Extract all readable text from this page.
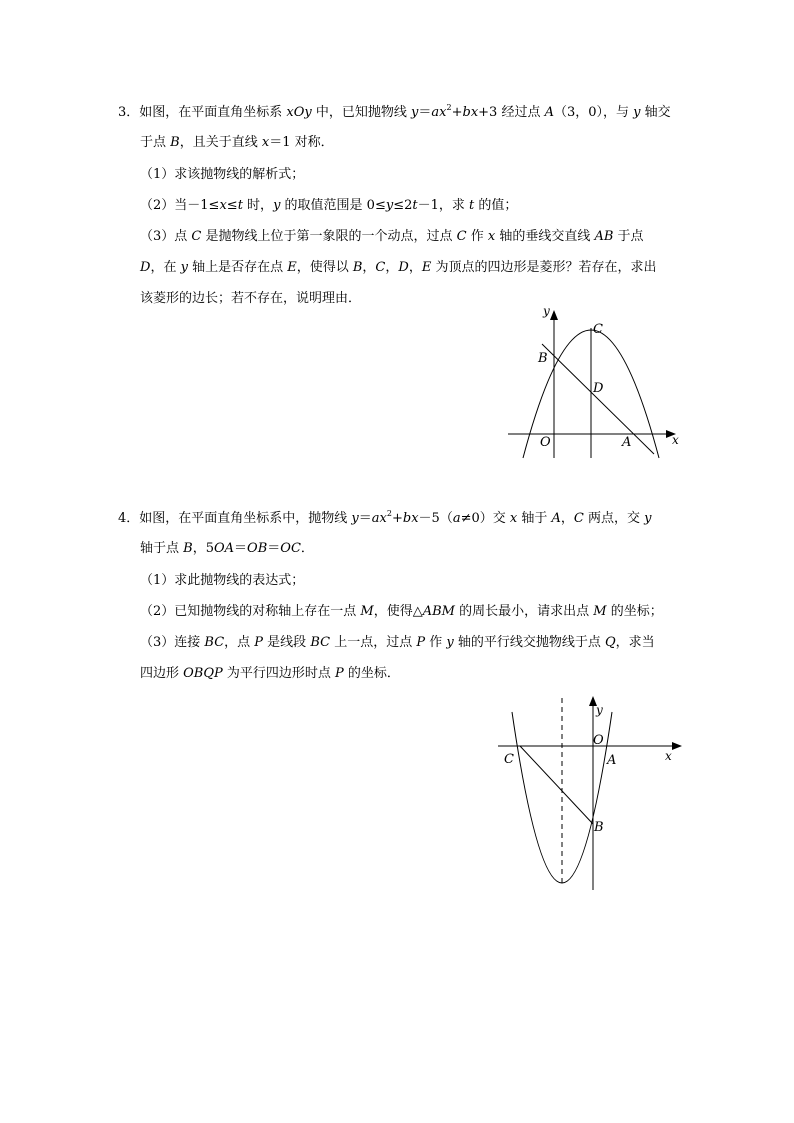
3．如图，在平面直角坐标系 xOy 中，已知抛物线 $y=ax^2+bx+3$ 经过点 A（3，0），与 y 轴交
于点 B，且关于直线 x＝1 对称．
（1）求该抛物线的解析式；
（2）当－1≤x≤t 时，y 的取值范围是 0≤y≤2t－1，求 t 的值；
（3）点 C 是抛物线上位于第一象限的一个动点，过点 C 作 x 轴的垂线交直线 AB 于点
D，在 y 轴上是否存在点 E，使得以 B，C，D，E 为顶点的四边形是菱形？若存在，求出
该菱形的边长；若不存在，说明理由．
y
x
B
C
D
O	A
4．如图，在平面直角坐标系中，抛物线 $y=ax^2+bx-5(a\ne 0)$交 x 轴于 A，C 两点，交 y
轴于点 B，5OA＝OB＝OC．
（1）求此抛物线的表达式；
（2）已知抛物线的对称轴上存在一点 M，使得△ABM 的周长最小，请求出点 M 的坐标；
（3）连接 BC，点 P 是线段 BC 上一点，过点 P 作 y 轴的平行线交抛物线于点 Q，求当
四边形 OBQP 为平行四边形时点 P 的坐标．
y
x
C
O
A
B
